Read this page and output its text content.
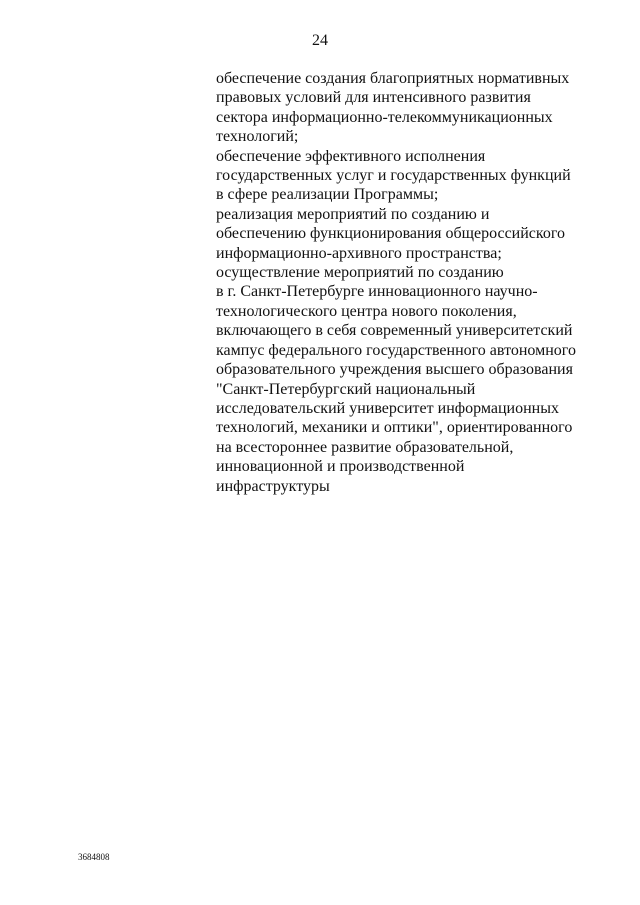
24
обеспечение создания благоприятных нормативных
правовых условий для интенсивного развития
сектора информационно-телекоммуникационных
технологий;
обеспечение эффективного исполнения
государственных услуг и государственных функций
в сфере реализации Программы;
реализация мероприятий по созданию и
обеспечению функционирования общероссийского
информационно-архивного пространства;
осуществление мероприятий по созданию
в г. Санкт-Петербурге инновационного научно-
технологического центра нового поколения,
включающего в себя современный университетский
кампус федерального государственного автономного
образовательного учреждения высшего образования
"Санкт-Петербургский национальный
исследовательский университет информационных
технологий, механики и оптики", ориентированного
на всестороннее развитие образовательной,
инновационной и производственной
инфраструктуры
3684808
